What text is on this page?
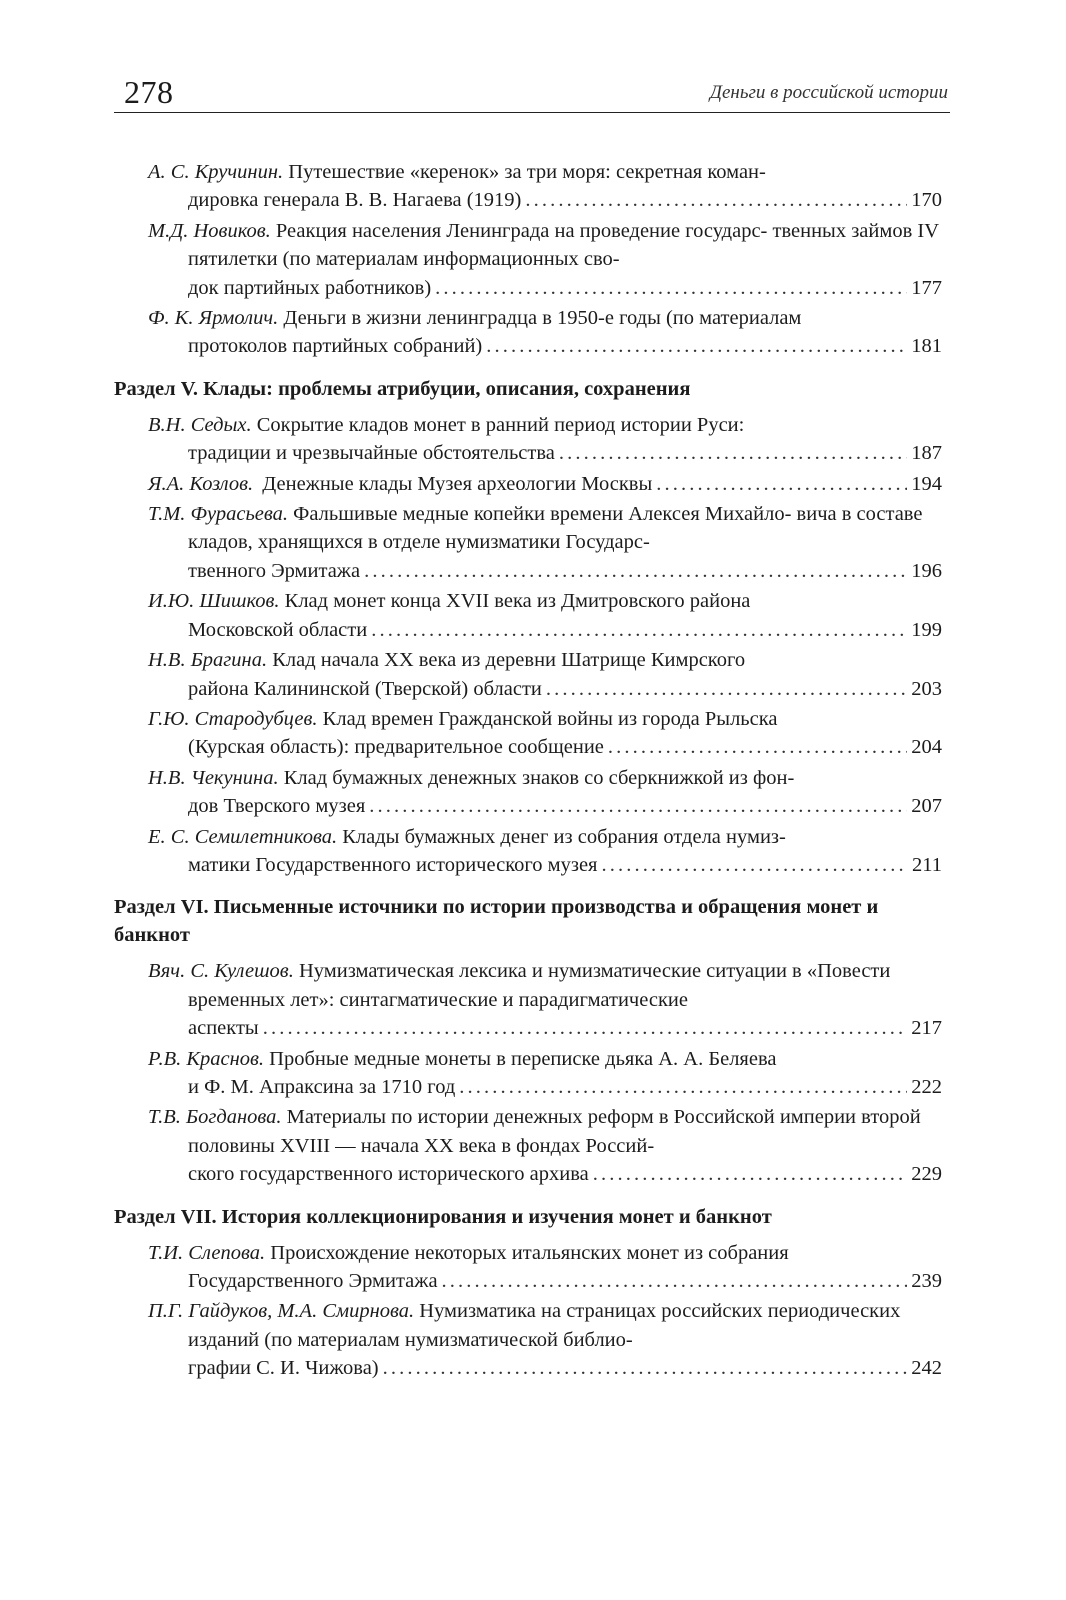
278	Деньги в российской истории
А. С. Кручинин. Путешествие «керенок» за три моря: секретная коман-
дировка генерала В. В. Нагаева (1919) . . .	170
М.Д. Новиков. Реакция населения Ленинграда на проведение государс- твенных займов IV пятилетки (по материалам информационных сво-
док партийных работников) . . .	177
Ф. К. Ярмолич. Деньги в жизни ленинградца в 1950-е годы (по материалам
протоколов партийных собраний) . . .	181
Раздел V. Клады: проблемы атрибуции, описания, сохранения
В.Н. Седых. Сокрытие кладов монет в ранний период истории Руси:
традиции и чрезвычайные обстоятельства . . .	187
Я.А. Козлов.
Денежные клады Музея археологии Москвы . . .	194
Т.М. Фурасьева. Фальшивые медные копейки времени Алексея Михайло- вича в составе кладов, хранящихся в отделе нумизматики Государс-
твенного Эрмитажа . . .	196
И.Ю. Шишков. Клад монет конца XVII века из Дмитровского района
Московской области . . .	199
Н.В. Брагина. Клад начала XX века из деревни Шатрище Кимрского
района Калининской (Тверской) области . . .	203
Г.Ю. Стародубцев. Клад времен Гражданской войны из города Рыльска
(Курская область): предварительное сообщение . . .	204
Н.В. Чекунина. Клад бумажных денежных знаков со сберкнижкой из фон-
дов Тверского музея . . .	207
Е. С. Семилетникова. Клады бумажных денег из собрания отдела нумиз-
матики Государственного исторического музея . . .	211
Раздел VI. Письменные источники по истории производства и обращения монет и банкнот
Вяч. С. Кулешов. Нумизматическая лексика и нумизматические ситуации в «Повести временных лет»: синтагматические и парадигматические
аспекты . . .	217
Р.В. Краснов. Пробные медные монеты в переписке дьяка А. А. Беляева
и Ф. М. Апраксина за 1710 год . . .	222
Т.В. Богданова. Материалы по истории денежных реформ в Российской империи второй половины XVIII — начала XX века в фондах Россий-
ского государственного исторического архива . . .	229
Раздел VII. История коллекционирования и изучения монет и банкнот
Т.И. Слепова. Происхождение некоторых итальянских монет из собрания
Государственного Эрмитажа . . .	239
П.Г. Гайдуков, М.А. Смирнова. Нумизматика на страницах российских периодических изданий (по материалам нумизматической библио-
графии С. И. Чижова) . . .	242
